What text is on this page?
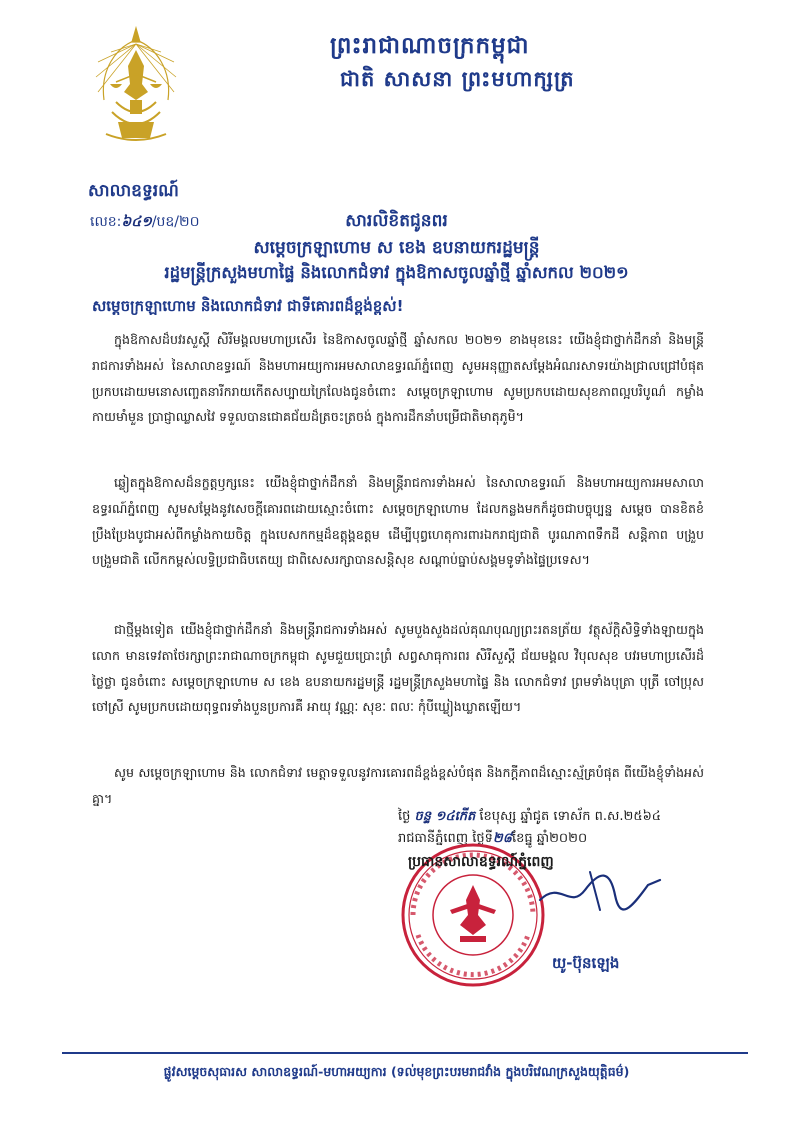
ព្រះរាជាណាចក្រកម្ពុជា
ជាតិ សាសនា ព្រះមហាក្សត្រ
សាលាឧទ្ធរណ៍
លេខ:៦៤១/បឧ/២០	សារលិខិតជូនពរ
សម្តេចក្រឡាហោម ស ខេង ឧបនាយករដ្ឋមន្ត្រី
រដ្ឋមន្ត្រីក្រសួងមហាផ្ទៃ និងលោកជំទាវ ក្នុងឱកាសចូលឆ្នាំថ្មី ឆ្នាំសកល ២០២១
សម្តេចក្រឡាហោម និងលោកជំទាវ ជាទីគោរពដ៏ខ្ពង់ខ្ពស់!
ក្នុងឱកាសដ៏បវរសួស្តី សិរីមង្គលមហាប្រសើរ នៃឱកាសចូលឆ្នាំថ្មី ឆ្នាំសកល ២០២១ ខាងមុខនេះ យើងខ្ញុំជាថ្នាក់ដឹកនាំ និងមន្ត្រីរាជការទាំងអស់ នៃសាលាឧទ្ធរណ៍ និងមហាអយ្យការអមសាលាឧទ្ធរណ៍ភ្នំពេញ សូមអនុញ្ញាតសម្តែងអំណរសាទរយ៉ាងជ្រាលជ្រៅបំផុត ប្រកបដោយមនោសញ្ចេតនារីករាយកើតសប្បាយក្រៃលែងជូនចំពោះ សម្តេចក្រឡាហោម សូមប្រកបដោយសុខភាពល្អបរិបូណ៌ កម្លាំងកាយមាំមួន ប្រាជ្ញាឈ្លាសវៃ ទទួលបានជោគជ័យដ៏ត្រចះត្រចង់ ក្នុងការដឹកនាំបម្រើជាតិមាតុភូមិ។
ឆ្លៀតក្នុងឱកាសដ៏នក្ខត្តឫក្សនេះ យើងខ្ញុំជាថ្នាក់ដឹកនាំ និងមន្ត្រីរាជការទាំងអស់ នៃសាលាឧទ្ធរណ៍ និងមហាអយ្យការអមសាលាឧទ្ធរណ៍ភ្នំពេញ សូមសម្តែងនូវសេចក្តីគោរពដោយស្មោះចំពោះ សម្តេចក្រឡាហោម ដែលកន្លងមកក៏ដូចជាបច្ចុប្បន្ន សម្តេច បានខិតខំប្រឹងប្រែងបូជាអស់ពីកម្លាំងកាយចិត្ត ក្នុងបេសកកម្មដ៏ឧត្តុង្គឧត្តម ដើម្បីបុព្វហេតុការពារឯករាជ្យជាតិ បូរណភាពទឹកដី សន្តិភាព បង្រួបបង្រួមជាតិ លើកកម្ពស់លទ្ធិប្រជាធិបតេយ្យ ជាពិសេសរក្សាបានសន្តិសុខ សណ្តាប់ធ្នាប់សង្គមទូទាំងផ្ទៃប្រទេស។
ជាថ្មីម្តងទៀត យើងខ្ញុំជាថ្នាក់ដឹកនាំ និងមន្ត្រីរាជការទាំងអស់ សូមបួងសួងដល់គុណបុណ្យព្រះរតនត្រ័យ វត្ថុស័ក្តិសិទ្ធិទាំងឡាយក្នុងលោក មានទេវតាថែរក្សាព្រះរាជាណាចក្រកម្ពុជា សូមជួយប្រោះព្រំ សព្វសាធុការពរ សិរីសួស្តី ជ័យមង្គល វិបុលសុខ បវរមហាប្រសើរដ៏ថ្លៃថ្លា ជូនចំពោះ សម្តេចក្រឡាហោម ស ខេង ឧបនាយករដ្ឋមន្ត្រី រដ្ឋមន្ត្រីក្រសួងមហាផ្ទៃ និង លោកជំទាវ ព្រមទាំងបុត្រា បុត្រី ចៅប្រុស ចៅស្រី សូមប្រកបដោយពុទ្ធពរទាំងបួនប្រការគឺ អាយុ វណ្ណៈ សុខៈ ពលៈ កុំបីឃ្លៀងឃ្លាតឡើយ។
សូម សម្តេចក្រឡាហោម និង លោកជំទាវ មេត្តាទទួលនូវការគោរពដ៏ខ្ពង់ខ្ពស់បំផុត និងកក្តីភាពដ៏ស្មោះស្ម័គ្របំផុត ពីយើងខ្ញុំទាំងអស់គ្នា។
ថ្ងៃ ចន្ទ ១៤កើត ខែបុស្ស ឆ្នាំជូត ទោស័ក ព.ស.២៥៦៤
រាជធានីភ្នំពេញ ថ្ងៃទី២៨ខែធ្នូ ឆ្នាំ២០២០
ប្រធានសាលាឧទ្ធរណ៍ភ្នំពេញ
យូ-ប៊ុនឡេង
ផ្លូវសម្តេចសុធារស សាលាឧទ្ធរណ៍-មហាអយ្យការ (ទល់មុខព្រះបរមរាជវាំង ក្នុងបរិវេណក្រសួងយុត្តិធម៌)
